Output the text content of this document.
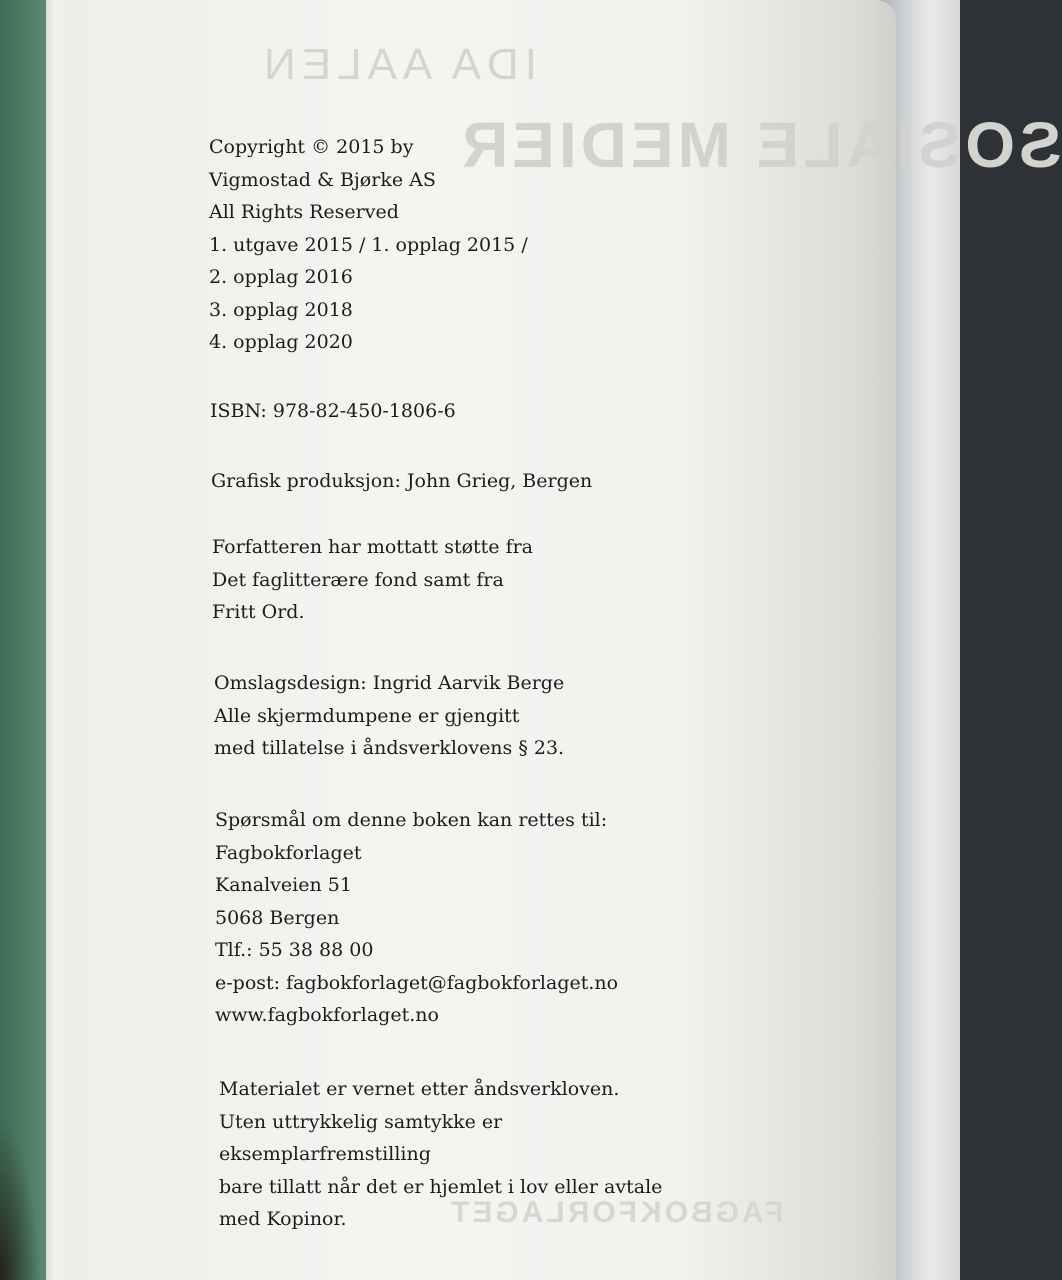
IDA AALEN
SOSIALE MEDIER
FAGBOKFORLAGET
Copyright © 2015 by
Vigmostad & Bjørke AS
All Rights Reserved
1. utgave 2015 / 1. opplag 2015 /
2. opplag 2016
3. opplag 2018
4. opplag 2020
ISBN: 978-82-450-1806-6
Grafisk produksjon: John Grieg, Bergen
Forfatteren har mottatt støtte fra
Det faglitterære fond samt fra
Fritt Ord.
Omslagsdesign: Ingrid Aarvik Berge
Alle skjermdumpene er gjengitt
med tillatelse i åndsverklovens § 23.
Spørsmål om denne boken kan rettes til:
Fagbokforlaget
Kanalveien 51
5068 Bergen
Tlf.: 55 38 88 00
e-post: fagbokforlaget@fagbokforlaget.no
www.fagbokforlaget.no
Materialet er vernet etter åndsverkloven.
Uten uttrykkelig samtykke er
eksemplarfremstilling
bare tillatt når det er hjemlet i lov eller avtale
med Kopinor.
